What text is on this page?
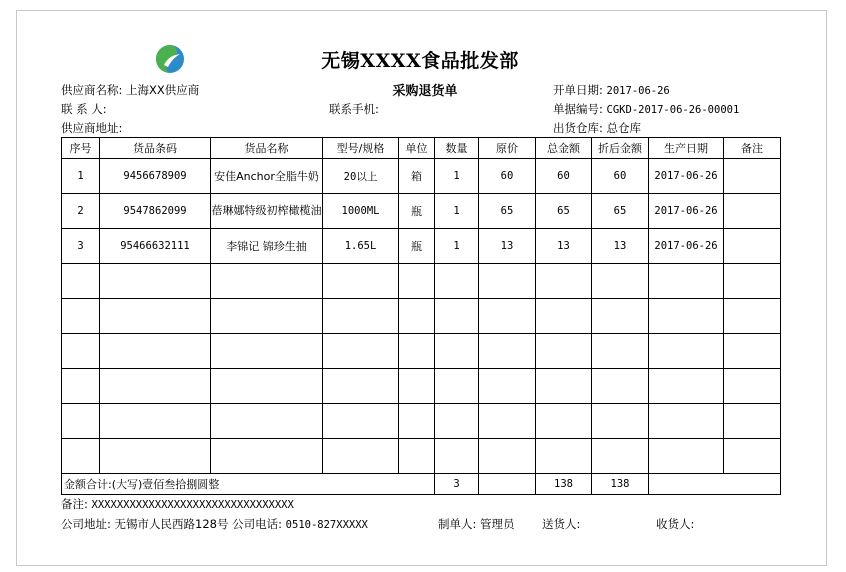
无锡XXXX食品批发部
采购退货单
供应商名称: 上海XX供应商	开单日期: 2017-06-26
联 系 人:	联系手机:	单据编号: CGKD-2017-06-26-00001
供应商地址:	出货仓库: 总仓库
序号	货品条码	货品名称	型号/规格	单位	数量	原价	总金额	折后金额	生产日期	备注
1	9456678909	安佳Anchor全脂牛奶	20以上	箱	1	60	60	60	2017-06-26	
2	9547862099	蓓琳娜特级初榨橄榄油	1000ML	瓶	1	65	65	65	2017-06-26	
3	95466632111	李锦记 锦珍生抽	1.65L	瓶	1	13	13	13	2017-06-26	

金额合计:(大写)壹佰叁拾捌圆整					3		138	138		
备注: XXXXXXXXXXXXXXXXXXXXXXXXXXXXXXXX
公司地址: 无锡市人民西路128号 公司电话: 0510-827XXXXX	制单人: 管理员 送货人:	收货人:
